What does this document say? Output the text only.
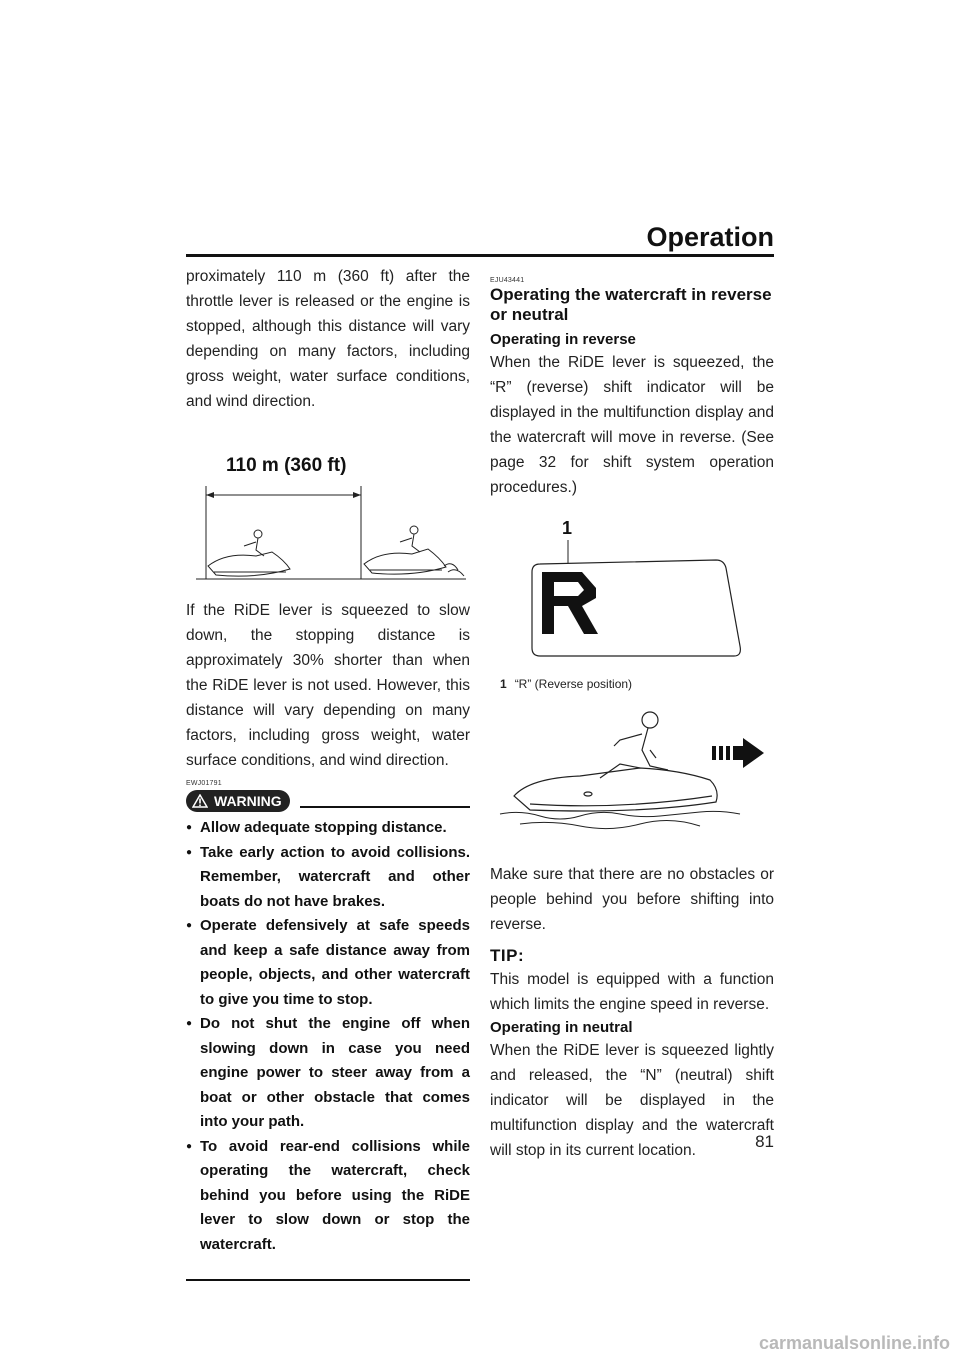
Operation

proximately 110 m (360 ft) after the throttle lever is released or the engine is stopped, although this distance will vary depending on many factors, including gross weight, water surface conditions, and wind direction.

110 m (360 ft)

If the RiDE lever is squeezed to slow down, the stopping distance is approximately 30% shorter than when the RiDE lever is not used. However, this distance will vary depending on many factors, including gross weight, water surface conditions, and wind direction.

EWJ01791
WARNING
● Allow adequate stopping distance.
● Take early action to avoid collisions. Remember, watercraft and other boats do not have brakes.
● Operate defensively at safe speeds and keep a safe distance away from people, objects, and other watercraft to give you time to stop.
● Do not shut the engine off when slowing down in case you need engine power to steer away from a boat or other obstacle that comes into your path.
● To avoid rear-end collisions while operating the watercraft, check behind you before using the RiDE lever to slow down or stop the watercraft.
EJU43441
Operating the watercraft in reverse or neutral
Operating in reverse

When the RiDE lever is squeezed, the “R” (reverse) shift indicator will be displayed in the multifunction display and the watercraft will move in reverse. (See page 32 for shift system operation procedures.)

1
1 “R” (Reverse position)

Make sure that there are no obstacles or people behind you before shifting into reverse.

TIP:

This model is equipped with a function which limits the engine speed in reverse.

Operating in neutral

When the RiDE lever is squeezed lightly and released, the “N” (neutral) shift indicator will be displayed in the multifunction display and the watercraft will stop in its current location.	81
carmanualsonline.info
